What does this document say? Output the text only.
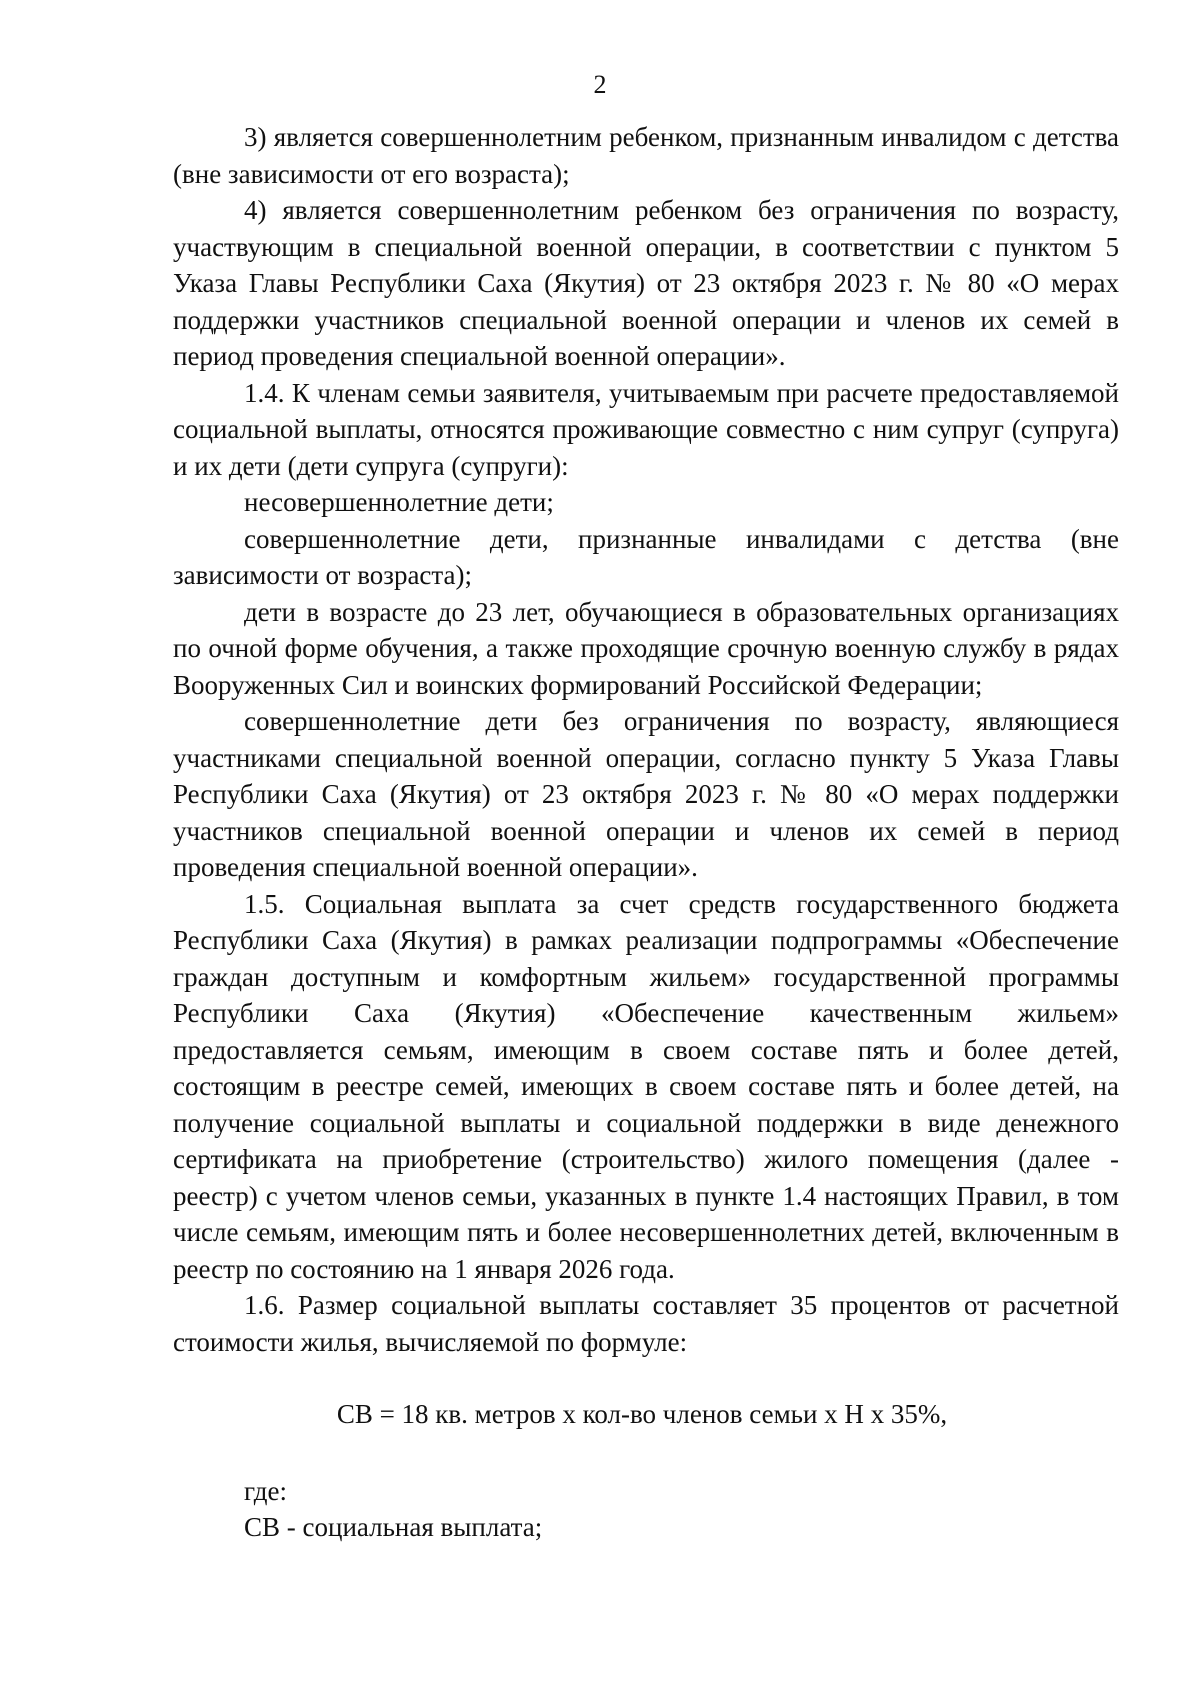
2

3) является совершеннолетним ребенком, признанным инвалидом с детства (вне зависимости от его возраста);

4) является совершеннолетним ребенком без ограничения по возрасту, участвующим в специальной военной операции, в соответствии с пунктом 5 Указа Главы Республики Саха (Якутия) от 23 октября 2023 г. № 80 «О мерах поддержки участников специальной военной операции и членов их семей в период проведения специальной военной операции».

1.4. К членам семьи заявителя, учитываемым при расчете предоставляемой социальной выплаты, относятся проживающие совместно с ним супруг (супруга) и их дети (дети супруга (супруги):

несовершеннолетние дети;

совершеннолетние дети, признанные инвалидами с детства (вне зависимости от возраста);

дети в возрасте до 23 лет, обучающиеся в образовательных организациях по очной форме обучения, а также проходящие срочную военную службу в рядах Вооруженных Сил и воинских формирований Российской Федерации;

совершеннолетние дети без ограничения по возрасту, являющиеся участниками специальной военной операции, согласно пункту 5 Указа Главы Республики Саха (Якутия) от 23 октября 2023 г. № 80 «О мерах поддержки участников специальной военной операции и членов их семей в период проведения специальной военной операции».

1.5. Социальная выплата за счет средств государственного бюджета Республики Саха (Якутия) в рамках реализации подпрограммы «Обеспечение граждан доступным и комфортным жильем» государственной программы Республики Саха (Якутия) «Обеспечение качественным жильем» предоставляется семьям, имеющим в своем составе пять и более детей, состоящим в реестре семей, имеющих в своем составе пять и более детей, на получение социальной выплаты и социальной поддержки в виде денежного сертификата на приобретение (строительство) жилого помещения (далее - реестр) с учетом членов семьи, указанных в пункте 1.4 настоящих Правил, в том числе семьям, имеющим пять и более несовершеннолетних детей, включенным в реестр по состоянию на 1 января 2026 года.

1.6. Размер социальной выплаты составляет 35 процентов от расчетной стоимости жилья, вычисляемой по формуле:

СВ = 18 кв. метров x кол-во членов семьи x Н x 35%,

где:

СВ - социальная выплата;
